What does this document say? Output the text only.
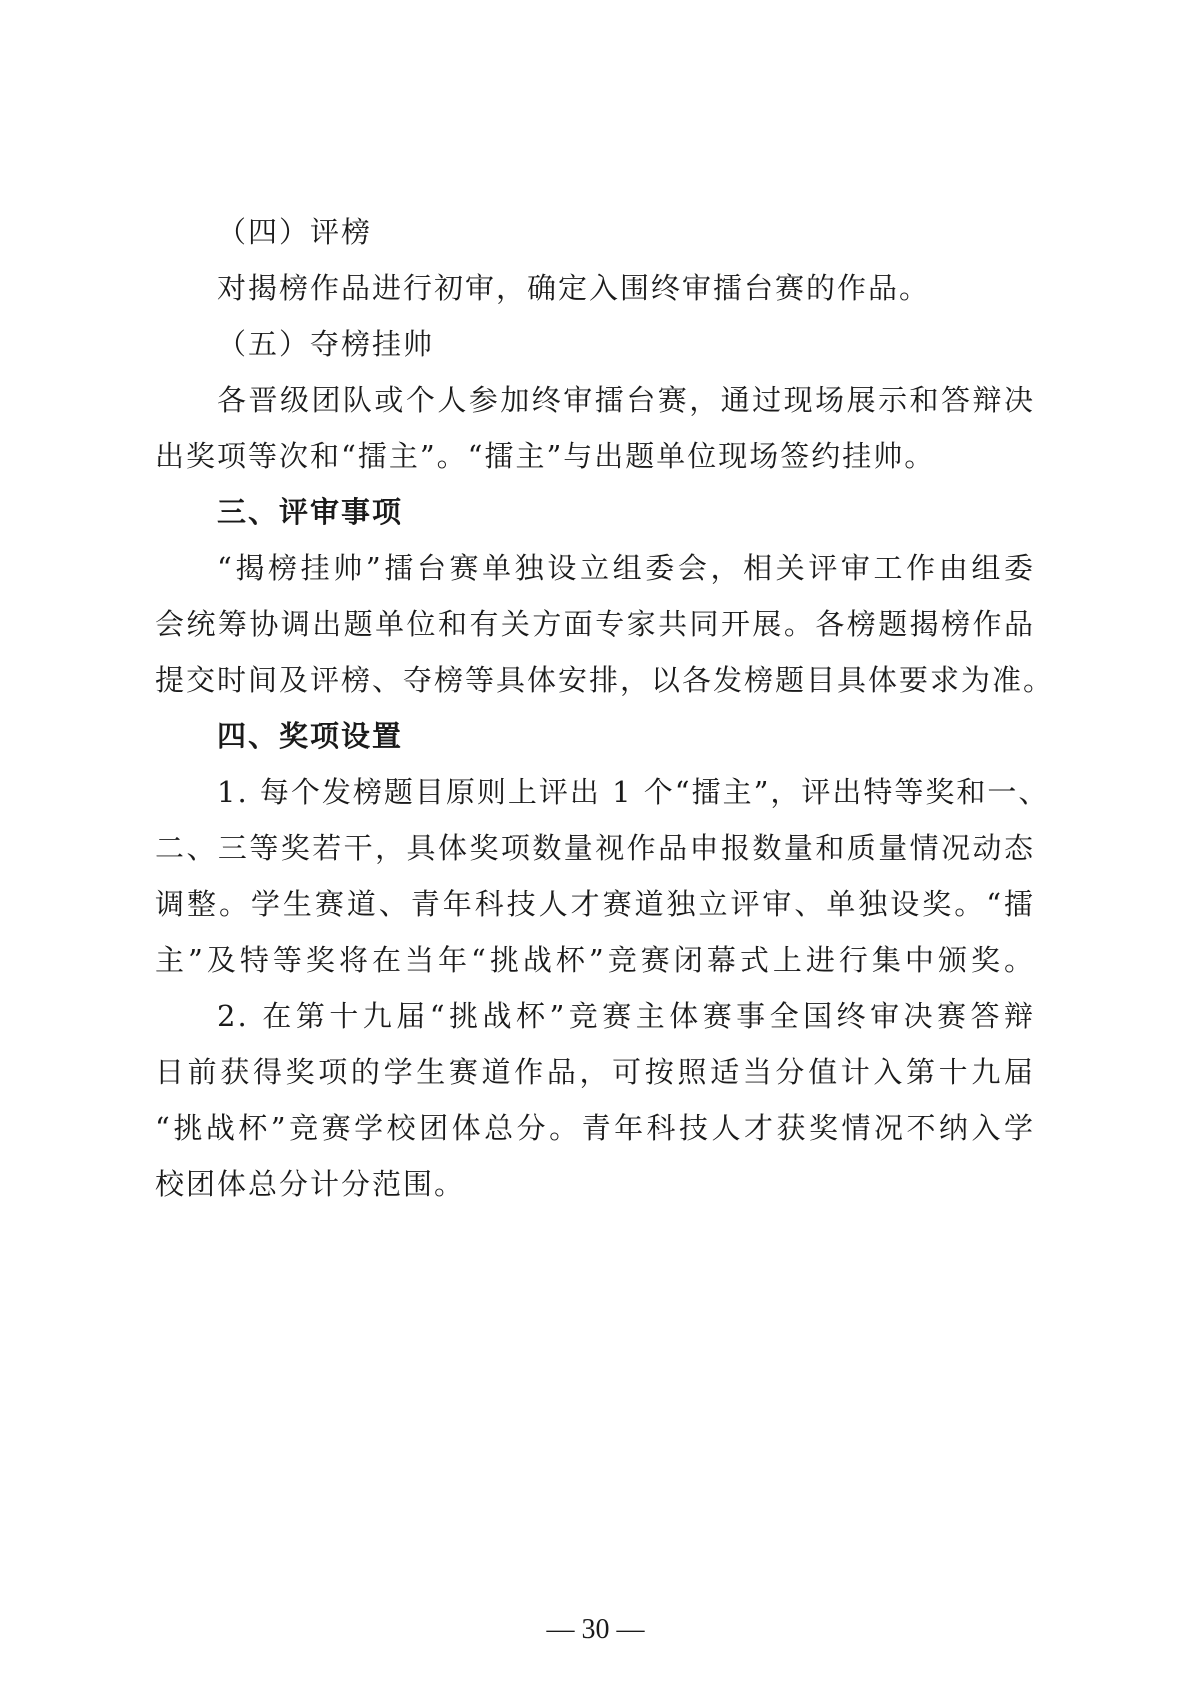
（四）评榜
对揭榜作品进行初审，确定入围终审擂台赛的作品。
（五）夺榜挂帅
各晋级团队或个人参加终审擂台赛，通过现场展示和答辩决
出奖项等次和“擂主”。“擂主”与出题单位现场签约挂帅。
三、评审事项
“揭榜挂帅”擂台赛单独设立组委会，相关评审工作由组委
会统筹协调出题单位和有关方面专家共同开展。各榜题揭榜作品
提交时间及评榜、夺榜等具体安排，以各发榜题目具体要求为准。
四、奖项设置
1. 每个发榜题目原则上评出 1 个“擂主”，评出特等奖和一、
二、三等奖若干，具体奖项数量视作品申报数量和质量情况动态
调整。学生赛道、青年科技人才赛道独立评审、单独设奖。“擂
主”及特等奖将在当年“挑战杯”竞赛闭幕式上进行集中颁奖。
2. 在第十九届“挑战杯”竞赛主体赛事全国终审决赛答辩
日前获得奖项的学生赛道作品，可按照适当分值计入第十九届
“挑战杯”竞赛学校团体总分。青年科技人才获奖情况不纳入学
校团体总分计分范围。
— 30 —
